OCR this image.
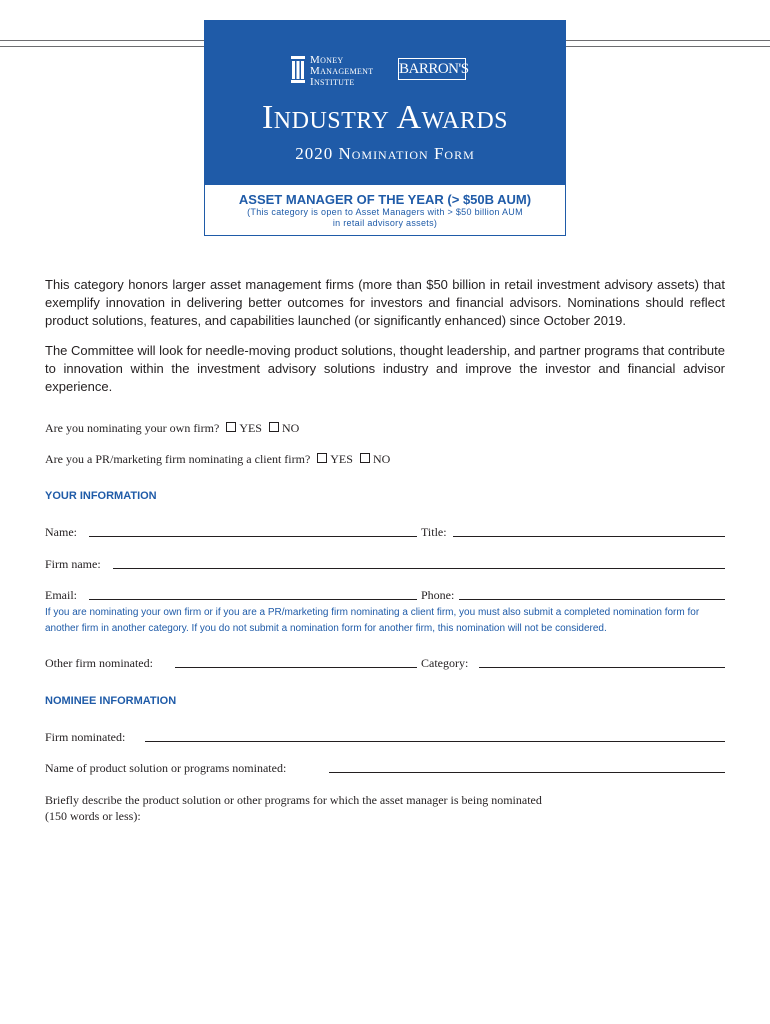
Money
Management
Institute
BARRON'S
Industry Awards
2020 Nomination Form
ASSET MANAGER OF THE YEAR (> $50B AUM)
(This category is open to Asset Managers with > $50 billion AUM
in retail advisory assets)
This category honors larger asset management firms (more than $50 billion in retail investment advisory assets) that exemplify innovation in delivering better outcomes for investors and financial advisors. Nominations should reflect product solutions, features, and capabilities launched (or significantly enhanced) since October 2019.
The Committee will look for needle-moving product solutions, thought leadership, and partner programs that contribute to innovation within the investment advisory solutions industry and improve the investor and financial advisor experience.
Are you nominating your own firm? YES NO
Are you a PR/marketing firm nominating a client firm? YES NO
YOUR INFORMATION
Name:	Title:
Firm name:
Email:	Phone:
If you are nominating your own firm or if you are a PR/marketing firm nominating a client firm, you must also submit a completed nomination form for another firm in another category. If you do not submit a nomination form for another firm, this nomination will not be considered.
Other firm nominated:	Category:
NOMINEE INFORMATION
Firm nominated:
Name of product solution or programs nominated:
Briefly describe the product solution or other programs for which the asset manager is being nominated
(150 words or less):
